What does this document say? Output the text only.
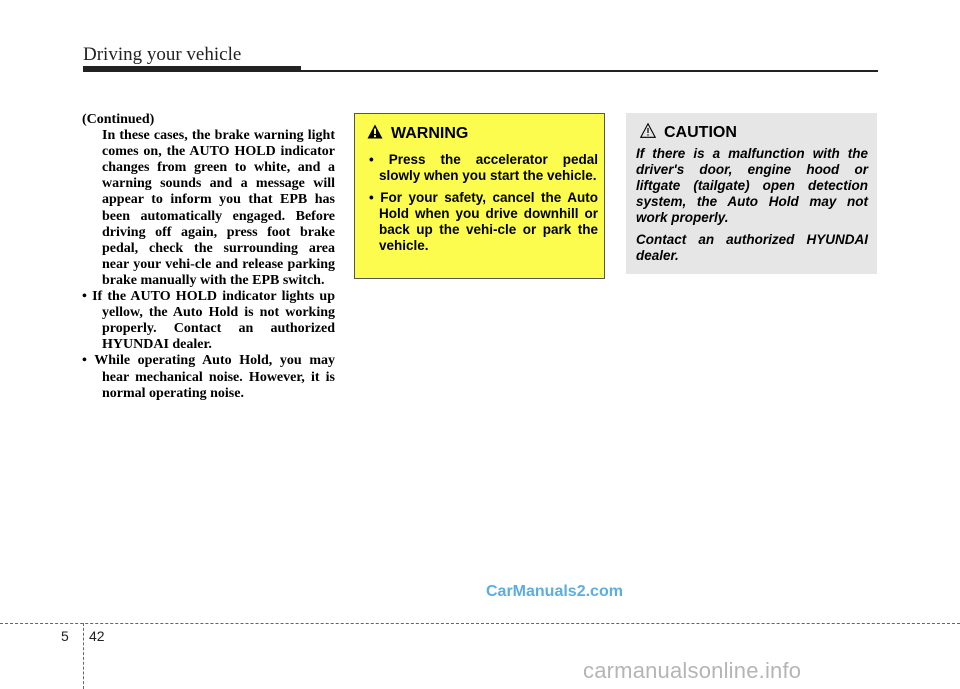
Driving your vehicle
(Continued)
In these cases, the brake warning light comes on, the AUTO HOLD indicator changes from green to white, and a warning sounds and a message will appear to inform you that EPB has been automatically engaged. Before driving off again, press foot brake pedal, check the surrounding area near your vehi-cle and release parking brake manually with the EPB switch.
• If the AUTO HOLD indicator lights up yellow, the Auto Hold is not working properly. Contact an authorized HYUNDAI dealer.
• While operating Auto Hold, you may hear mechanical noise. However, it is normal operating noise.
WARNING
• Press the accelerator pedal slowly when you start the vehicle.
• For your safety, cancel the Auto Hold when you drive downhill or back up the vehi-cle or park the vehicle.
CAUTION

If there is a malfunction with the driver's door, engine hood or liftgate (tailgate) open detection system, the Auto Hold may not work properly.

Contact an authorized HYUNDAI dealer.

CarManuals2.com
5 42
carmanualsonline.info
